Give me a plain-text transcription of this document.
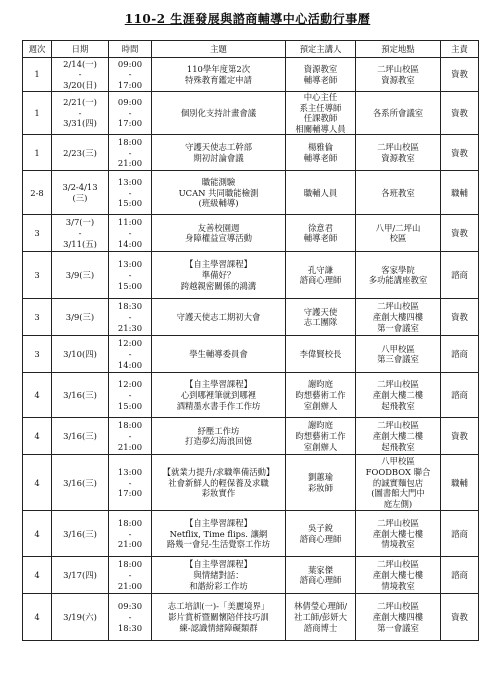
110-2 生涯發展與諮商輔導中心活動行事曆
週次	日期	時間	主題	預定主講人	預定地點	主責
1	2/14(一)
-
3/20(日)	09:00
-
17:00	110學年度第2次
特殊教育鑑定申請	資源教室
輔導老師	二坪山校區
資源教室	資教
1	2/21(一)
-
3/31(四)	09:00
-
17:00	個別化支持計畫會議	中心主任
系主任導師
任課教師
相關輔導人員	各系所會議室	資教
1	2/23(三)	18:00
-
21:00	守護天使志工幹部
期初討論會議	楊雅倫
輔導老師	二坪山校區
資源教室	資教
2-8	3/2-4/13
(三)	13:00
-
15:00	職能測驗
UCAN 共同職能檢測
(班級輔導)	職輔人員	各班教室	職輔
3	3/7(一)
-
3/11(五)	11:00
-
14:00	友善校園週
身障權益宣導活動	徐意君
輔導老師	八甲/二坪山
校區	資教
3	3/9(三)	13:00
-
15:00	【自主學習課程】
準備好？
跨越親密關係的鴻溝	孔守謙
諮商心理師	客家學院
多功能講座教室	諮商
3	3/9(三)	18:30
-
21:30	守護天使志工期初大會	守護天使
志工團隊	二坪山校區
產創大樓四樓
第一會議室	資教
3	3/10(四)	12:00
-
14:00	學生輔導委員會	李偉賢校長	八甲校區
第三會議室	諮商
4	3/16(三)	12:00
-
15:00	【自主學習課程】
心到哪裡筆就到哪裡
酒精墨水書手作工作坊	謝昀庭
昀想藝術工作
室創辦人	二坪山校區
產創大樓二樓
起飛教室	諮商
4	3/16(三)	18:00
-
21:00	紓壓工作坊
打造夢幻海浪回憶	謝昀庭
昀想藝術工作
室創辦人	二坪山校區
產創大樓二樓
起飛教室	資教
4	3/16(三)	13:00
-
17:00	【就業力提升/求職準備活動】
社會新鮮人的輕保養及求職
彩妝實作	劉蕙瑜
彩妝師	八甲校區
FOODBOX 聯合
的誠實麵包店
(圖書館大門中
庭左側)	職輔
4	3/16(三)	18:00
-
21:00	【自主學習課程】
Netflix, Time flips. 讓網
路幾一會兒-生活覺察工作坊	吳子銳
諮商心理師	二坪山校區
產創大樓七樓
情境教室	諮商
4	3/17(四)	18:00
-
21:00	【自主學習課程】
與情緒對話：
和諧紛彩工作坊	葉家傑
諮商心理師	二坪山校區
產創大樓七樓
情境教室	諮商
4	3/19(六)	09:30
-
18:30	志工培訓(一)-「美麗境界」
影片賞析暨關懷陪伴技巧訓
練-認識情緒障礙類群	林倩瑩心理師/
社工師/彭妍大
諮商博士	二坪山校區
產創大樓四樓
第一會議室	資教
